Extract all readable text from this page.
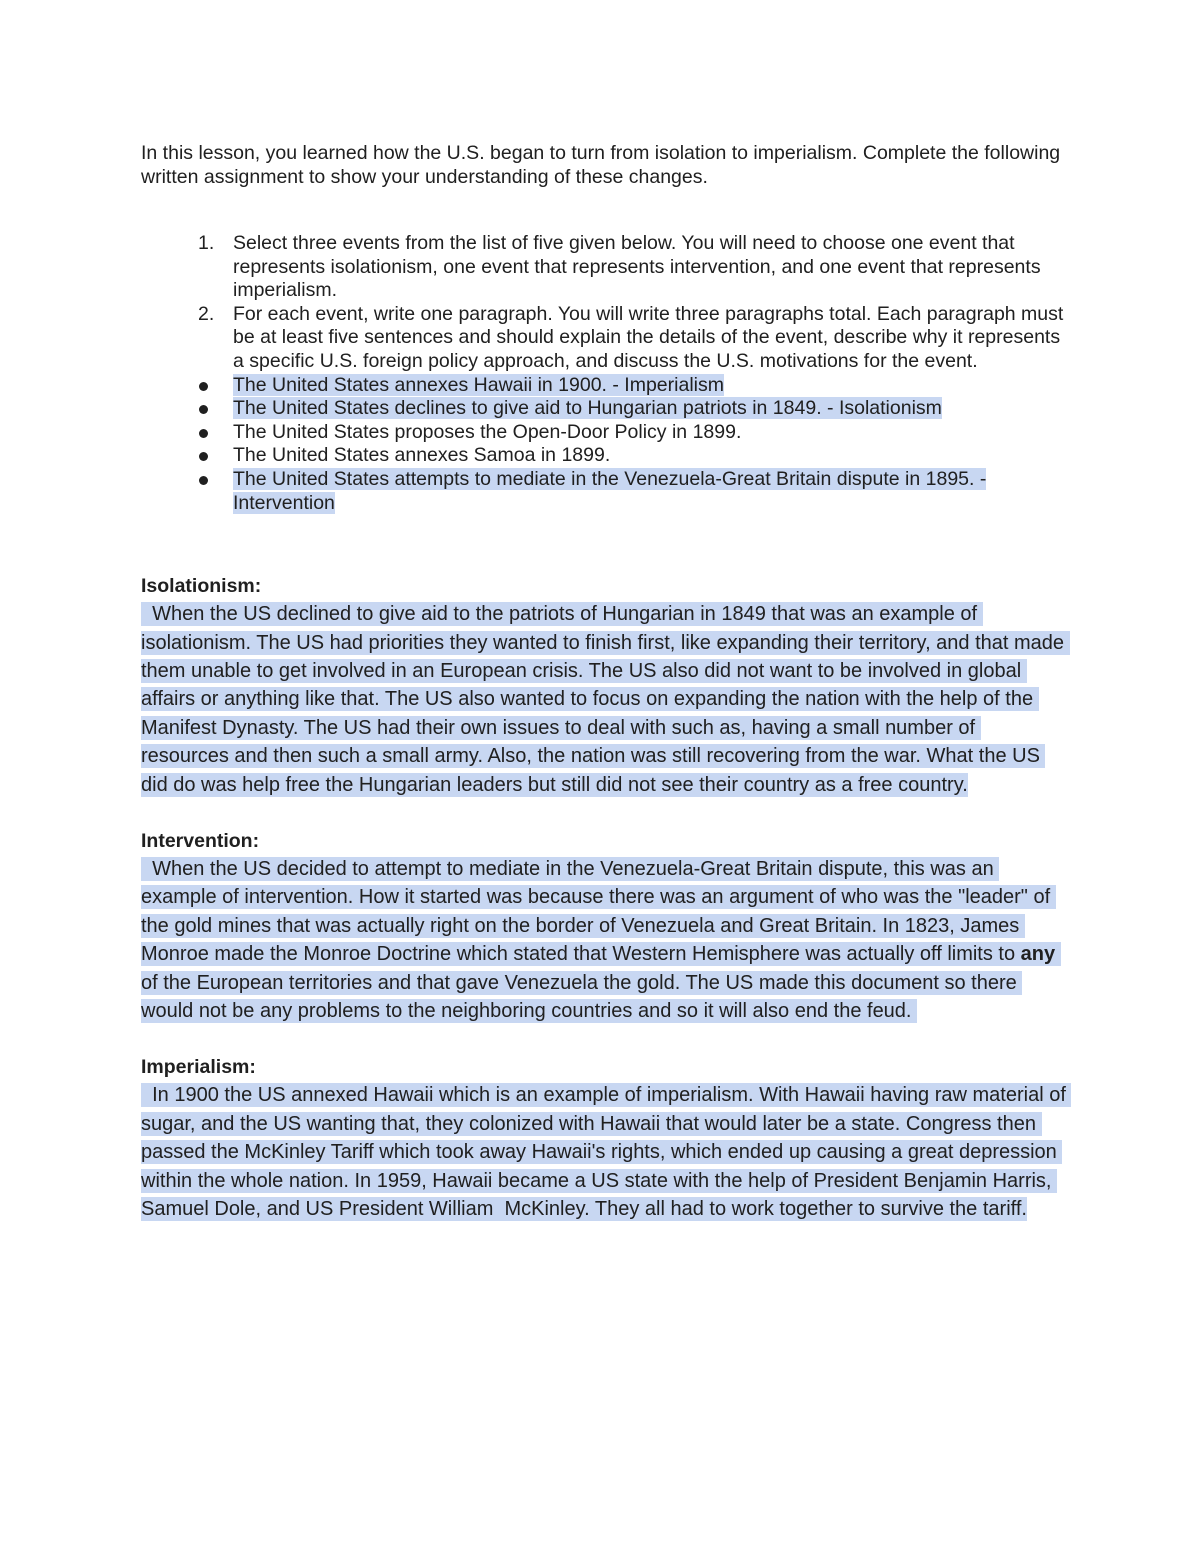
In this lesson, you learned how the U.S. began to turn from isolation to imperialism. Complete the following written assignment to show your understanding of these changes.

1. Select three events from the list of five given below. You will need to choose one event that represents isolationism, one event that represents intervention, and one event that represents imperialism.
2. For each event, write one paragraph. You will write three paragraphs total. Each paragraph must be at least five sentences and should explain the details of the event, describe why it represents a specific U.S. foreign policy approach, and discuss the U.S. motivations for the event.
The United States annexes Hawaii in 1900. - Imperialism
The United States declines to give aid to Hungarian patriots in 1849. - Isolationism
The United States proposes the Open-Door Policy in 1899.
The United States annexes Samoa in 1899.
The United States attempts to mediate in the Venezuela-Great Britain dispute in 1895. - Intervention

Isolationism:

When the US declined to give aid to the patriots of Hungarian in 1849 that was an example of isolationism. The US had priorities they wanted to finish first, like expanding their territory, and that made them unable to get involved in an European crisis. The US also did not want to be involved in global affairs or anything like that. The US also wanted to focus on expanding the nation with the help of the Manifest Dynasty. The US had their own issues to deal with such as, having a small number of resources and then such a small army. Also, the nation was still recovering from the war. What the US did do was help free the Hungarian leaders but still did not see their country as a free country.

Intervention:

When the US decided to attempt to mediate in the Venezuela-Great Britain dispute, this was an example of intervention. How it started was because there was an argument of who was the "leader" of the gold mines that was actually right on the border of Venezuela and Great Britain. In 1823, James Monroe made the Monroe Doctrine which stated that Western Hemisphere was actually off limits to any of the European territories and that gave Venezuela the gold. The US made this document so there would not be any problems to the neighboring countries and so it will also end the feud.

Imperialism:

In 1900 the US annexed Hawaii which is an example of imperialism. With Hawaii having raw material of sugar, and the US wanting that, they colonized with Hawaii that would later be a state. Congress then passed the McKinley Tariff which took away Hawaii's rights, which ended up causing a great depression within the whole nation. In 1959, Hawaii became a US state with the help of President Benjamin Harris, Samuel Dole, and US President William  McKinley. They all had to work together to survive the tariff.
